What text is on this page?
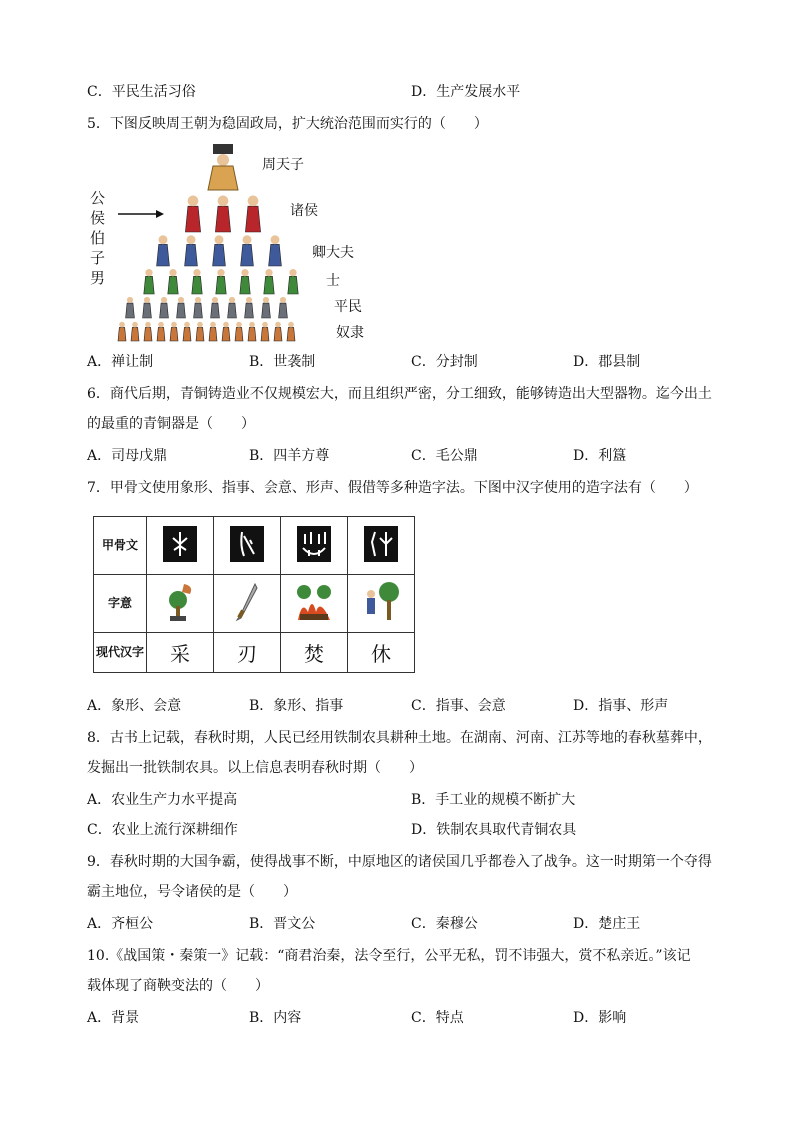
C．平民生活习俗	D．生产发展水平
5．下图反映周王朝为稳固政局，扩大统治范围而实行的（　　）
公
侯
伯
子
男
周天子
诸侯
卿大夫
士
平民
奴隶
A．禅让制	B．世袭制	C．分封制	D．郡县制
6．商代后期，青铜铸造业不仅规模宏大，而且组织严密，分工细致，能够铸造出大型器物。迄今出土
的最重的青铜器是（　　）
A．司母戊鼎	B．四羊方尊	C．毛公鼎	D．利簋
7．甲骨文使用象形、指事、会意、形声、假借等多种造字法。下图中汉字使用的造字法有（　　）
甲骨文				
字意				
现代汉字	采	刃	焚	休
A．象形、会意	B．象形、指事	C．指事、会意	D．指事、形声
8．古书上记载，春秋时期，人民已经用铁制农具耕种土地。在湖南、河南、江苏等地的春秋墓葬中，
发掘出一批铁制农具。以上信息表明春秋时期（　　）
A．农业生产力水平提高	B．手工业的规模不断扩大
C．农业上流行深耕细作	D．铁制农具取代青铜农具
9．春秋时期的大国争霸，使得战事不断，中原地区的诸侯国几乎都卷入了战争。这一时期第一个夺得
霸主地位，号令诸侯的是（　　）
A．齐桓公	B．晋文公	C．秦穆公	D．楚庄王
10.《战国策・秦策一》记载：“商君治秦，法令至行，公平无私，罚不讳强大，赏不私亲近。”该记
载体现了商鞅变法的（　　）
A．背景	B．内容	C．特点	D．影响
